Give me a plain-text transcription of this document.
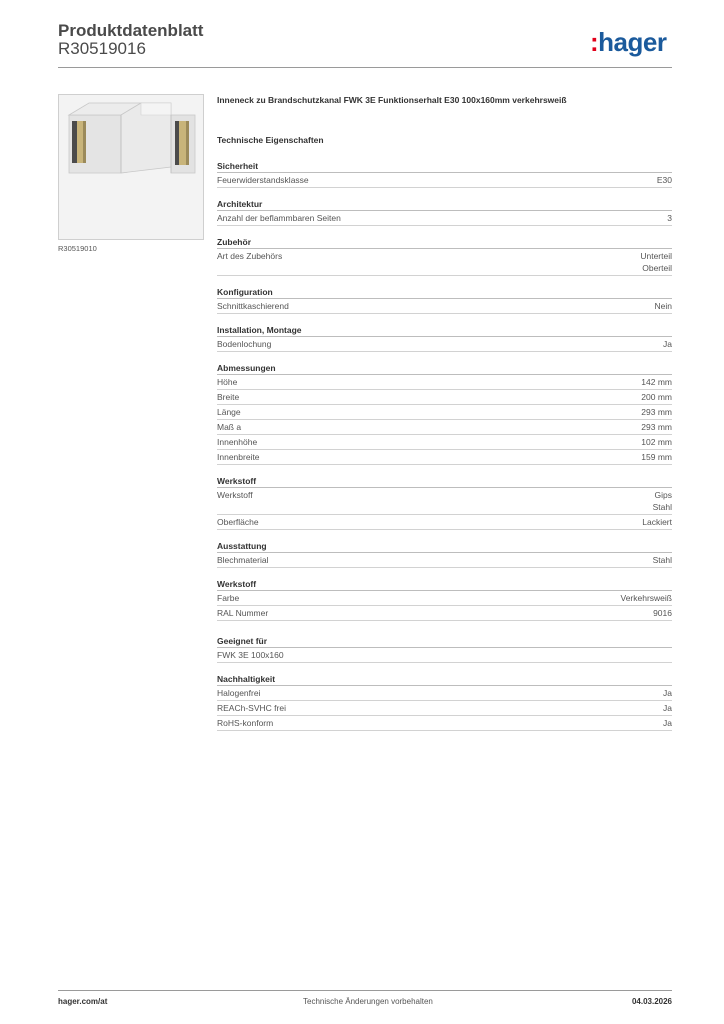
Produktdatenblatt
R30519016	:hager
R30519010
Inneneck zu Brandschutzkanal FWK 3E Funktionserhalt E30 100x160mm verkehrsweiß
Technische Eigenschaften
Sicherheit
Feuerwiderstandsklasse	E30
Architektur
Anzahl der beflammbaren Seiten	3
Zubehör
Art des Zubehörs	Unterteil
Oberteil
Konfiguration
Schnittkaschierend	Nein
Installation, Montage
Bodenlochung	Ja
Abmessungen
Höhe	142 mm
Breite	200 mm
Länge	293 mm
Maß a	293 mm
Innenhöhe	102 mm
Innenbreite	159 mm
Werkstoff
Werkstoff	Gips
Stahl
Oberfläche	Lackiert
Ausstattung
Blechmaterial	Stahl
Werkstoff
Farbe	Verkehrsweiß
RAL Nummer	9016
Geeignet für
FWK 3E 100x160
Nachhaltigkeit
Halogenfrei	Ja
REACh-SVHC frei	Ja
RoHS-konform	Ja
hager.com/at	Technische Änderungen vorbehalten	04.03.2026
